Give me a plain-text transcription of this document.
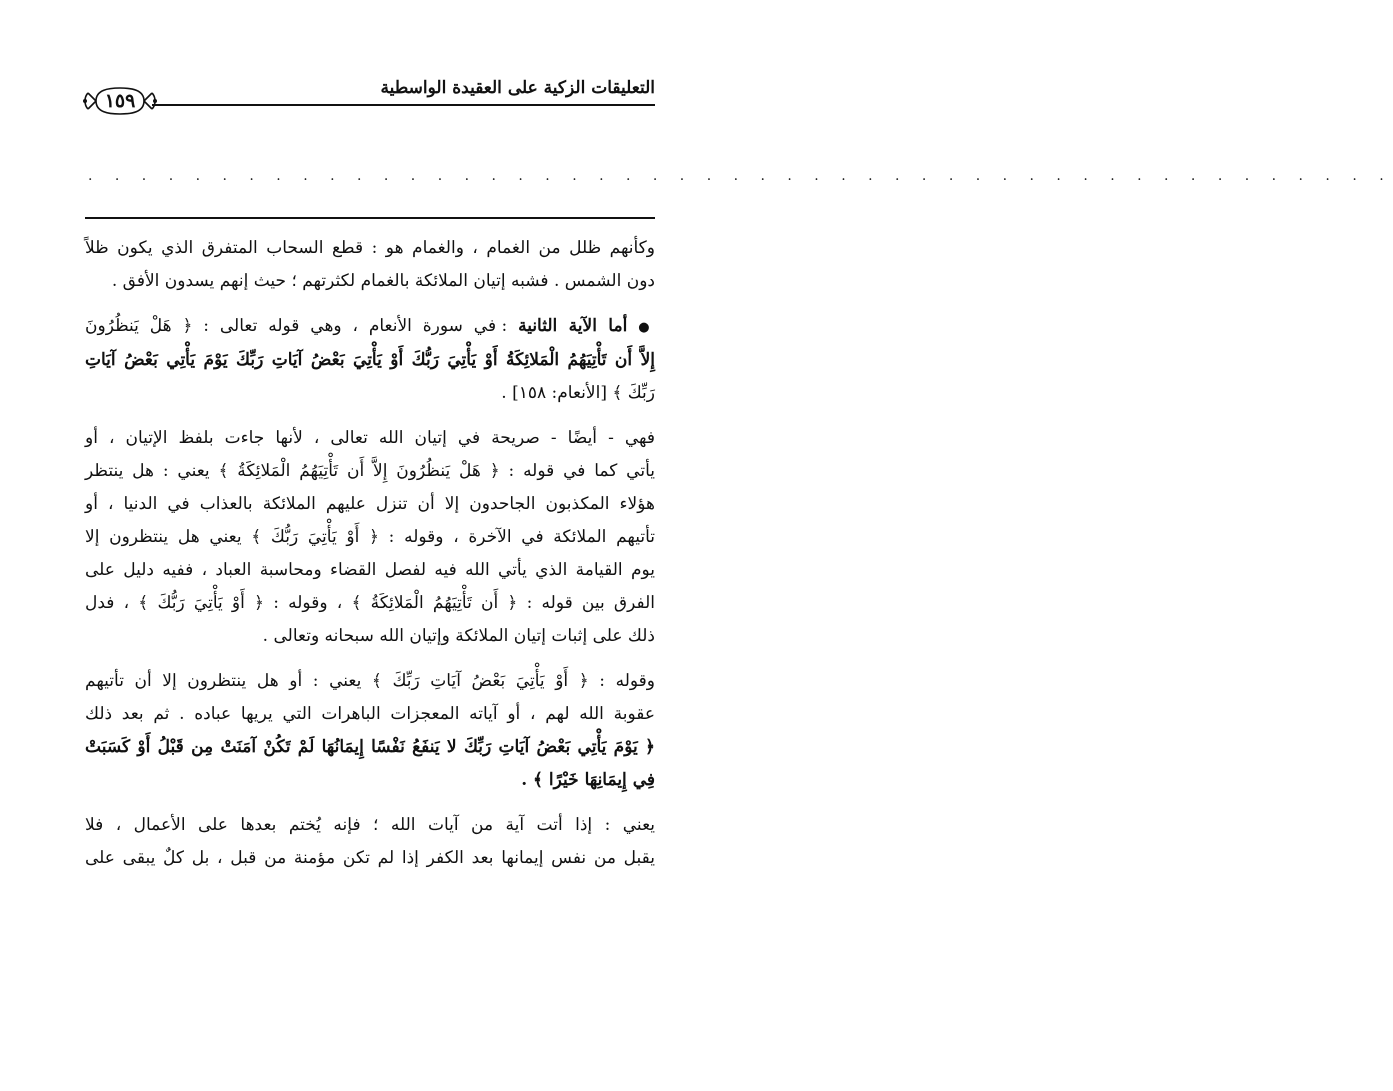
التعليقات الزكية على العقيدة الواسطية
١٥٩
. . . . . . . . . . . . . . . . . . . . . . . . . . . . . . . . . . . . . . . . . . . . . . . . .
وكأنهم ظلل من الغمام ، والغمام هو : قطع السحاب المتفرق الذي يكون ظلاً
دون الشمس . فشبه إتيان الملائكة بالغمام لكثرتهم ؛ حيث إنهم يسدون الأفق .
● أما الآية الثانية : في سورة الأنعام ، وهي قوله تعالى : ﴿ هَلْ يَنظُرُونَ
إِلاَّ أَن تَأْتِيَهُمُ الْمَلائِكَةُ أَوْ يَأْتِيَ رَبُّكَ أَوْ يَأْتِيَ بَعْضُ آيَاتِ رَبِّكَ يَوْمَ يَأْتِي بَعْضُ آيَاتِ
رَبِّكَ ﴾ [الأنعام: ١٥٨] .
فهي - أيضًا - صريحة في إتيان الله تعالى ، لأنها جاءت بلفظ الإتيان ، أو
يأتي كما في قوله : ﴿ هَلْ يَنظُرُونَ إِلاَّ أَن تَأْتِيَهُمُ الْمَلائِكَةُ ﴾ يعني : هل ينتظر
هؤلاء المكذبون الجاحدون إلا أن تنزل عليهم الملائكة بالعذاب في الدنيا ، أو
تأتيهم الملائكة في الآخرة ، وقوله : ﴿ أَوْ يَأْتِيَ رَبُّكَ ﴾ يعني هل ينتظرون إلا
يوم القيامة الذي يأتي الله فيه لفصل القضاء ومحاسبة العباد ، ففيه دليل على
الفرق بين قوله : ﴿ أَن تَأْتِيَهُمُ الْمَلائِكَةُ ﴾ ، وقوله : ﴿ أَوْ يَأْتِيَ رَبُّكَ ﴾ ، فدل
ذلك على إثبات إتيان الملائكة وإتيان الله سبحانه وتعالى .
وقوله : ﴿ أَوْ يَأْتِيَ بَعْضُ آيَاتِ رَبِّكَ ﴾ يعني : أو هل ينتظرون إلا أن تأتيهم
عقوبة الله لهم ، أو آياته المعجزات الباهرات التي يريها عباده . ثم بعد ذلك
﴿ يَوْمَ يَأْتِي بَعْضُ آيَاتِ رَبِّكَ لا يَنفَعُ نَفْسًا إِيمَانُهَا لَمْ تَكُنْ آمَنَتْ مِن قَبْلُ أَوْ كَسَبَتْ
فِي إِيمَانِهَا خَيْرًا ﴾ .
يعني : إذا أتت آية من آيات الله ؛ فإنه يُختم بعدها على الأعمال ، فلا
يقبل من نفس إيمانها بعد الكفر إذا لم تكن مؤمنة من قبل ، بل كلٌ يبقى على
